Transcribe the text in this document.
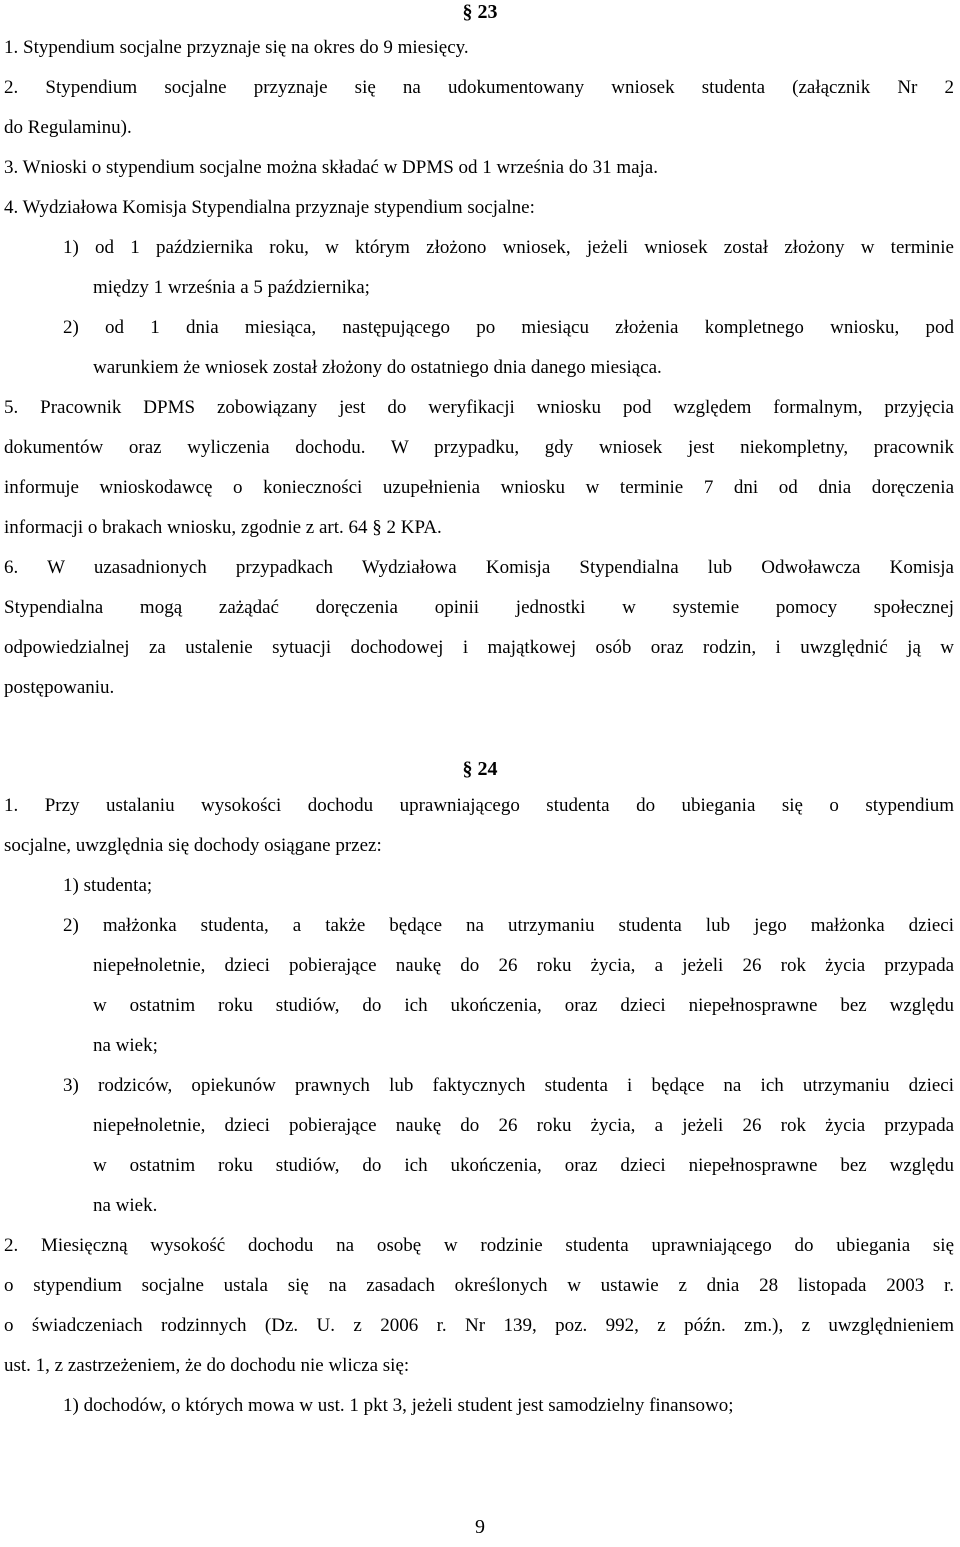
§ 23
1. Stypendium socjalne przyznaje się na okres do 9 miesięcy.
2. Stypendium socjalne przyznaje się na udokumentowany wniosek studenta (załącznik Nr 2
do Regulaminu).
3. Wnioski o stypendium socjalne można składać w DPMS od 1 września do 31 maja.
4. Wydziałowa Komisja Stypendialna przyznaje stypendium socjalne:
1) od 1 października roku, w którym złożono wniosek, jeżeli wniosek został złożony w terminie
między 1 września a 5 października;
2) od 1 dnia miesiąca, następującego po miesiącu złożenia kompletnego wniosku, pod
warunkiem że wniosek został złożony do ostatniego dnia danego miesiąca.
5. Pracownik DPMS zobowiązany jest do weryfikacji wniosku pod względem formalnym, przyjęcia
dokumentów oraz wyliczenia dochodu. W przypadku, gdy wniosek jest niekompletny, pracownik
informuje wnioskodawcę o konieczności uzupełnienia wniosku w terminie 7 dni od dnia doręczenia
informacji o brakach wniosku, zgodnie z art. 64 § 2 KPA.
6. W uzasadnionych przypadkach Wydziałowa Komisja Stypendialna lub Odwoławcza Komisja
Stypendialna mogą zażądać doręczenia opinii jednostki w systemie pomocy społecznej
odpowiedzialnej za ustalenie sytuacji dochodowej i majątkowej osób oraz rodzin, i uwzględnić ją w
postępowaniu.
§ 24
1. Przy ustalaniu wysokości dochodu uprawniającego studenta do ubiegania się o stypendium
socjalne, uwzględnia się dochody osiągane przez:
1) studenta;
2) małżonka studenta, a także będące na utrzymaniu studenta lub jego małżonka dzieci
niepełnoletnie, dzieci pobierające naukę do 26 roku życia, a jeżeli 26 rok życia przypada
w ostatnim roku studiów, do ich ukończenia, oraz dzieci niepełnosprawne bez względu
na wiek;
3) rodziców, opiekunów prawnych lub faktycznych studenta i będące na ich utrzymaniu dzieci
niepełnoletnie, dzieci pobierające naukę do 26 roku życia, a jeżeli 26 rok życia przypada
w ostatnim roku studiów, do ich ukończenia, oraz dzieci niepełnosprawne bez względu
na wiek.
2. Miesięczną wysokość dochodu na osobę w rodzinie studenta uprawniającego do ubiegania się
o stypendium socjalne ustala się na zasadach określonych w ustawie z dnia 28 listopada 2003 r.
o świadczeniach rodzinnych (Dz. U. z 2006 r. Nr 139, poz. 992, z późn. zm.), z uwzględnieniem
ust. 1, z zastrzeżeniem, że do dochodu nie wlicza się:
1) dochodów, o których mowa w ust. 1 pkt 3, jeżeli student jest samodzielny finansowo;
9
